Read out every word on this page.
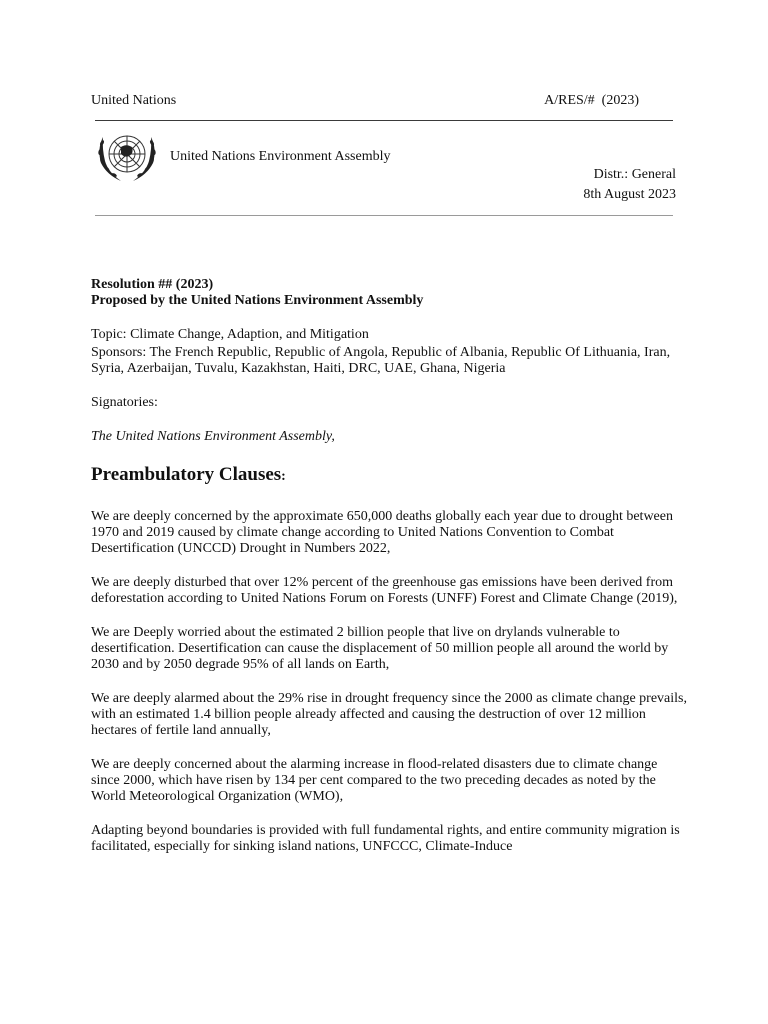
United Nations	A/RES/#  (2023)
United Nations Environment Assembly
Distr.: General
8th August 2023
Resolution ## (2023)
Proposed by the United Nations Environment Assembly
Topic: Climate Change, Adaption, and Mitigation
Sponsors: The French Republic, Republic of Angola, Republic of Albania, Republic Of Lithuania, Iran,
Syria, Azerbaijan, Tuvalu, Kazakhstan, Haiti, DRC, UAE, Ghana, Nigeria
Signatories:
The United Nations Environment Assembly,
Preambulatory Clauses:
We are deeply concerned by the approximate 650,000 deaths globally each year due to drought between
1970 and 2019 caused by climate change according to United Nations Convention to Combat
Desertification (UNCCD) Drought in Numbers 2022,
We are deeply disturbed that over 12% percent of the greenhouse gas emissions have been derived from
deforestation according to United Nations Forum on Forests (UNFF) Forest and Climate Change (2019),
We are Deeply worried about the estimated 2 billion people that live on drylands vulnerable to
desertification. Desertification can cause the displacement of 50 million people all around the world by
2030 and by 2050 degrade 95% of all lands on Earth,
We are deeply alarmed about the 29% rise in drought frequency since the 2000 as climate change prevails,
with an estimated 1.4 billion people already affected and causing the destruction of over 12 million
hectares of fertile land annually,
We are deeply concerned about the alarming increase in flood-related disasters due to climate change
since 2000, which have risen by 134 per cent compared to the two preceding decades as noted by the
World Meteorological Organization (WMO),
Adapting beyond boundaries is provided with full fundamental rights, and entire community migration is
facilitated, especially for sinking island nations, UNFCCC, Climate-Induce
